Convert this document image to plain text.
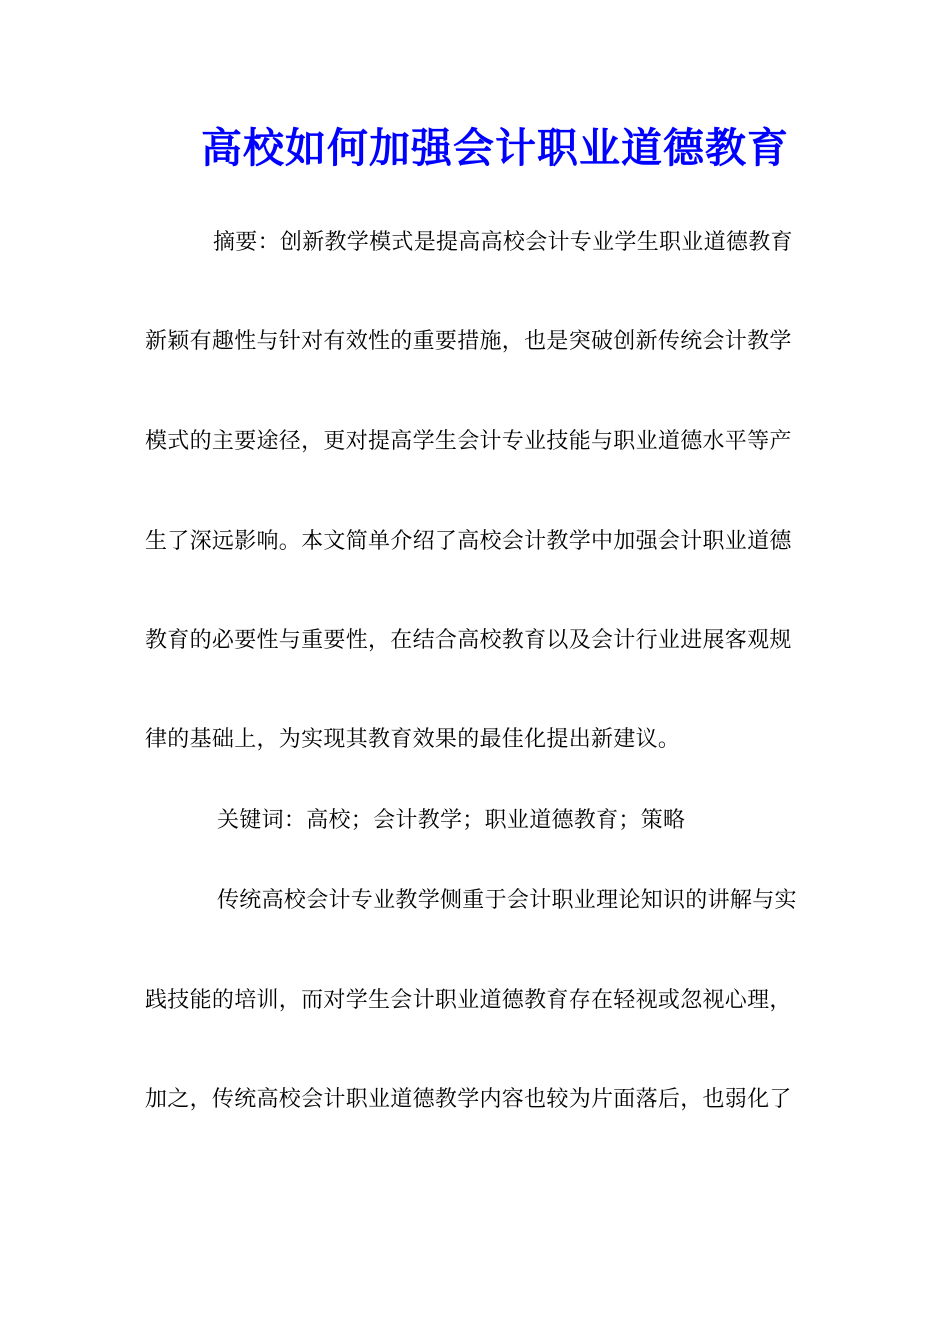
高校如何加强会计职业道德教育
摘要：创新教学模式是提高高校会计专业学生职业道德教育
新颖有趣性与针对有效性的重要措施，也是突破创新传统会计教学
模式的主要途径，更对提高学生会计专业技能与职业道德水平等产
生了深远影响。本文简单介绍了高校会计教学中加强会计职业道德
教育的必要性与重要性，在结合高校教育以及会计行业进展客观规
律的基础上，为实现其教育效果的最佳化提出新建议。
关键词：高校；会计教学；职业道德教育；策略
传统高校会计专业教学侧重于会计职业理论知识的讲解与实
践技能的培训，而对学生会计职业道德教育存在轻视或忽视心理，
加之，传统高校会计职业道德教学内容也较为片面落后，也弱化了
